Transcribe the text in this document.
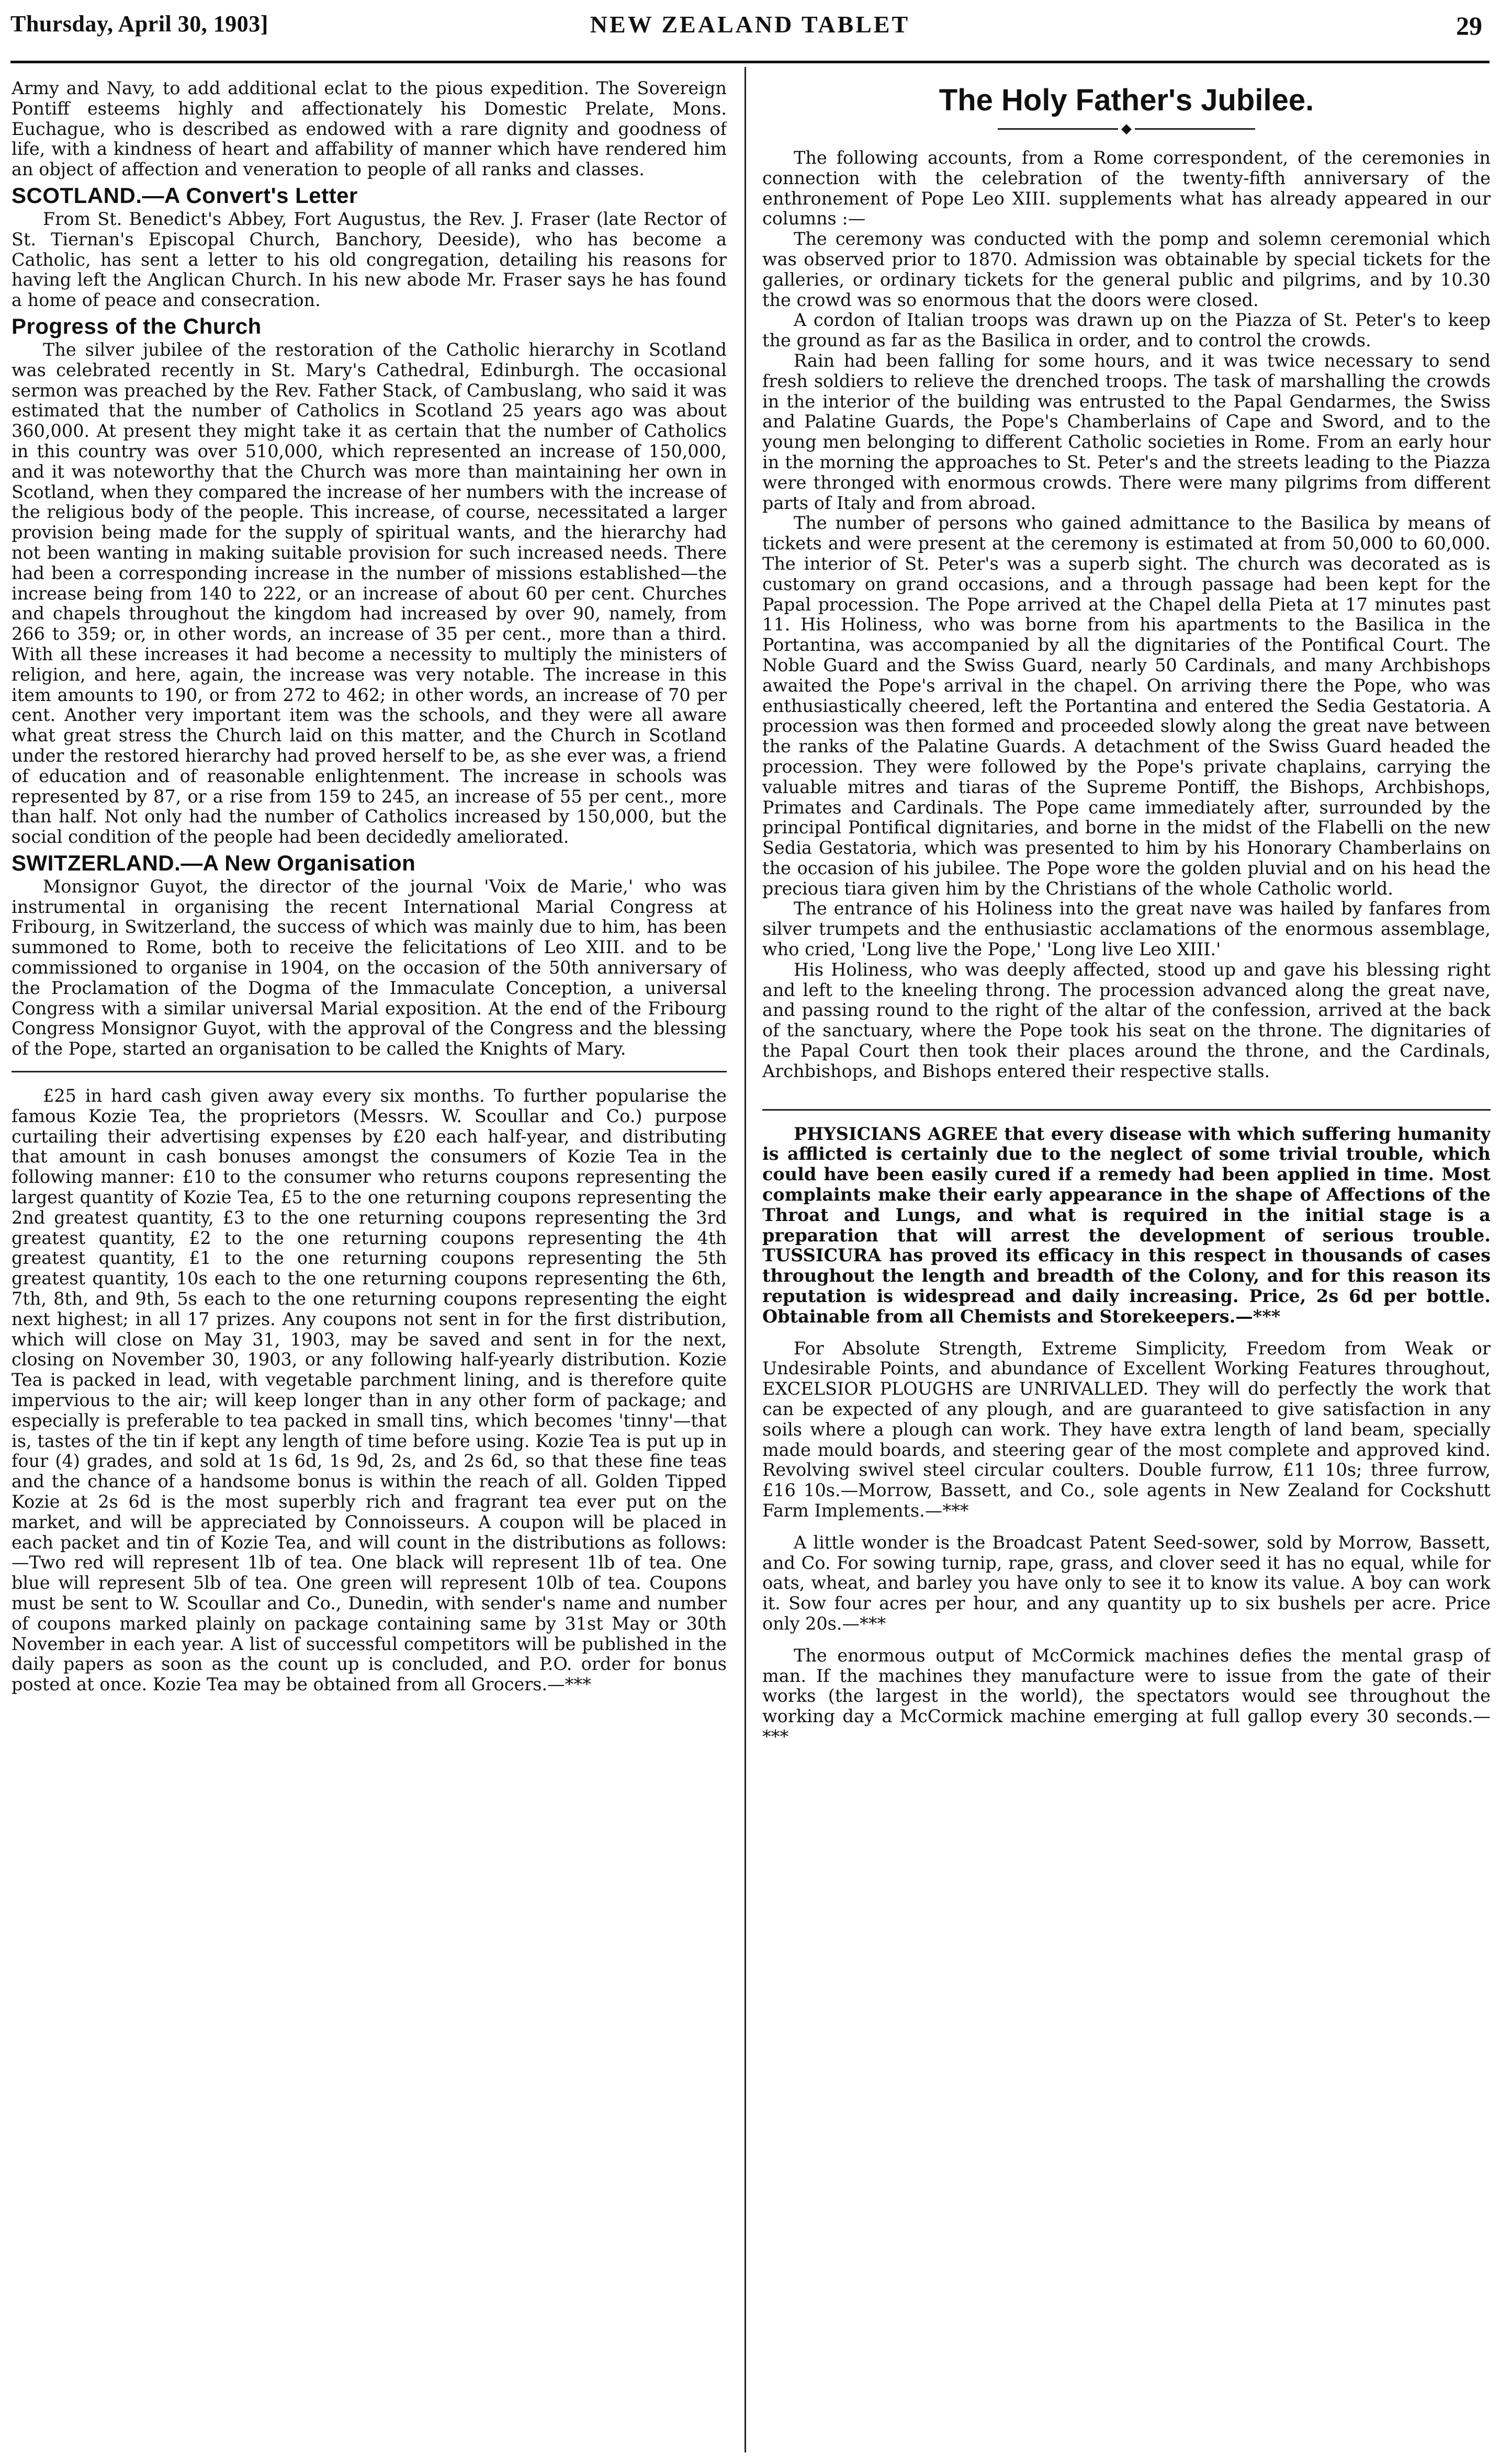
Thursday, April 30, 1903]	NEW ZEALAND TABLET	29

Army and Navy, to add additional eclat to the pious expedition. The Sovereign Pontiff esteems highly and affectionately his Domestic Prelate, Mons. Euchague, who is described as endowed with a rare dignity and goodness of life, with a kindness of heart and affability of manner which have rendered him an object of affection and veneration to people of all ranks and classes.

SCOTLAND.—A Convert's Letter

From St. Benedict's Abbey, Fort Augustus, the Rev. J. Fraser (late Rector of St. Tiernan's Episcopal Church, Banchory, Deeside), who has become a Catholic, has sent a letter to his old congregation, detailing his reasons for having left the Anglican Church. In his new abode Mr. Fraser says he has found a home of peace and consecration.

Progress of the Church

The silver jubilee of the restoration of the Catholic hierarchy in Scotland was celebrated recently in St. Mary's Cathedral, Edinburgh. The occasional sermon was preached by the Rev. Father Stack, of Cambuslang, who said it was estimated that the number of Catholics in Scotland 25 years ago was about 360,000. At present they might take it as certain that the number of Catholics in this country was over 510,000, which represented an increase of 150,000, and it was noteworthy that the Church was more than maintaining her own in Scotland, when they compared the increase of her numbers with the increase of the religious body of the people. This increase, of course, necessitated a larger provision being made for the supply of spiritual wants, and the hierarchy had not been wanting in making suitable provision for such increased needs. There had been a corresponding increase in the number of missions established—the increase being from 140 to 222, or an increase of about 60 per cent. Churches and chapels throughout the kingdom had increased by over 90, namely, from 266 to 359; or, in other words, an increase of 35 per cent., more than a third. With all these increases it had become a necessity to multiply the ministers of religion, and here, again, the increase was very notable. The increase in this item amounts to 190, or from 272 to 462; in other words, an increase of 70 per cent. Another very important item was the schools, and they were all aware what great stress the Church laid on this matter, and the Church in Scotland under the restored hierarchy had proved herself to be, as she ever was, a friend of education and of reasonable enlightenment. The increase in schools was represented by 87, or a rise from 159 to 245, an increase of 55 per cent., more than half. Not only had the number of Catholics increased by 150,000, but the social condition of the people had been decidedly ameliorated.

SWITZERLAND.—A New Organisation

Monsignor Guyot, the director of the journal 'Voix de Marie,' who was instrumental in organising the recent International Marial Congress at Fribourg, in Switzerland, the success of which was mainly due to him, has been summoned to Rome, both to receive the felicitations of Leo XIII. and to be commissioned to organise in 1904, on the occasion of the 50th anniversary of the Proclamation of the Dogma of the Immaculate Conception, a universal Congress with a similar universal Marial exposition. At the end of the Fribourg Congress Monsignor Guyot, with the approval of the Congress and the blessing of the Pope, started an organisation to be called the Knights of Mary.

£25 in hard cash given away every six months. To further popularise the famous Kozie Tea, the proprietors (Messrs. W. Scoullar and Co.) purpose curtailing their advertising expenses by £20 each half-year, and distributing that amount in cash bonuses amongst the consumers of Kozie Tea in the following manner: £10 to the consumer who returns coupons representing the largest quantity of Kozie Tea, £5 to the one returning coupons representing the 2nd greatest quantity, £3 to the one returning coupons representing the 3rd greatest quantity, £2 to the one returning coupons representing the 4th greatest quantity, £1 to the one returning coupons representing the 5th greatest quantity, 10s each to the one returning coupons representing the 6th, 7th, 8th, and 9th, 5s each to the one returning coupons representing the eight next highest; in all 17 prizes. Any coupons not sent in for the first distribution, which will close on May 31, 1903, may be saved and sent in for the next, closing on November 30, 1903, or any following half-yearly distribution. Kozie Tea is packed in lead, with vegetable parchment lining, and is therefore quite impervious to the air; will keep longer than in any other form of package; and especially is preferable to tea packed in small tins, which becomes 'tinny'—that is, tastes of the tin if kept any length of time before using. Kozie Tea is put up in four (4) grades, and sold at 1s 6d, 1s 9d, 2s, and 2s 6d, so that these fine teas and the chance of a handsome bonus is within the reach of all. Golden Tipped Kozie at 2s 6d is the most superbly rich and fragrant tea ever put on the market, and will be appreciated by Connoisseurs. A coupon will be placed in each packet and tin of Kozie Tea, and will count in the distributions as follows:—Two red will represent 1lb of tea. One black will represent 1lb of tea. One blue will represent 5lb of tea. One green will represent 10lb of tea. Coupons must be sent to W. Scoullar and Co., Dunedin, with sender's name and number of coupons marked plainly on package containing same by 31st May or 30th November in each year. A list of successful competitors will be published in the daily papers as soon as the count up is concluded, and P.O. order for bonus posted at once. Kozie Tea may be obtained from all Grocers.—***

The Holy Father's Jubilee.
◆

The following accounts, from a Rome correspondent, of the ceremonies in connection with the celebration of the twenty-fifth anniversary of the enthronement of Pope Leo XIII. supplements what has already appeared in our columns :—

The ceremony was conducted with the pomp and solemn ceremonial which was observed prior to 1870. Admission was obtainable by special tickets for the galleries, or ordinary tickets for the general public and pilgrims, and by 10.30 the crowd was so enormous that the doors were closed.

A cordon of Italian troops was drawn up on the Piazza of St. Peter's to keep the ground as far as the Basilica in order, and to control the crowds.

Rain had been falling for some hours, and it was twice necessary to send fresh soldiers to relieve the drenched troops. The task of marshalling the crowds in the interior of the building was entrusted to the Papal Gendarmes, the Swiss and Palatine Guards, the Pope's Chamberlains of Cape and Sword, and to the young men belonging to different Catholic societies in Rome. From an early hour in the morning the approaches to St. Peter's and the streets leading to the Piazza were thronged with enormous crowds. There were many pilgrims from different parts of Italy and from abroad.

The number of persons who gained admittance to the Basilica by means of tickets and were present at the ceremony is estimated at from 50,000 to 60,000. The interior of St. Peter's was a superb sight. The church was decorated as is customary on grand occasions, and a through passage had been kept for the Papal procession. The Pope arrived at the Chapel della Pieta at 17 minutes past 11. His Holiness, who was borne from his apartments to the Basilica in the Portantina, was accompanied by all the dignitaries of the Pontifical Court. The Noble Guard and the Swiss Guard, nearly 50 Cardinals, and many Archbishops awaited the Pope's arrival in the chapel. On arriving there the Pope, who was enthusiastically cheered, left the Portantina and entered the Sedia Gestatoria. A procession was then formed and proceeded slowly along the great nave between the ranks of the Palatine Guards. A detachment of the Swiss Guard headed the procession. They were followed by the Pope's private chaplains, carrying the valuable mitres and tiaras of the Supreme Pontiff, the Bishops, Archbishops, Primates and Cardinals. The Pope came immediately after, surrounded by the principal Pontifical dignitaries, and borne in the midst of the Flabelli on the new Sedia Gestatoria, which was presented to him by his Honorary Chamberlains on the occasion of his jubilee. The Pope wore the golden pluvial and on his head the precious tiara given him by the Christians of the whole Catholic world.

The entrance of his Holiness into the great nave was hailed by fanfares from silver trumpets and the enthusiastic acclamations of the enormous assemblage, who cried, 'Long live the Pope,' 'Long live Leo XIII.'

His Holiness, who was deeply affected, stood up and gave his blessing right and left to the kneeling throng. The procession advanced along the great nave, and passing round to the right of the altar of the confession, arrived at the back of the sanctuary, where the Pope took his seat on the throne. The dignitaries of the Papal Court then took their places around the throne, and the Cardinals, Archbishops, and Bishops entered their respective stalls.

PHYSICIANS AGREE that every disease with which suffering humanity is afflicted is certainly due to the neglect of some trivial trouble, which could have been easily cured if a remedy had been applied in time. Most complaints make their early appearance in the shape of Affections of the Throat and Lungs, and what is required in the initial stage is a preparation that will arrest the development of serious trouble. TUSSICURA has proved its efficacy in this respect in thousands of cases throughout the length and breadth of the Colony, and for this reason its reputation is widespread and daily increasing. Price, 2s 6d per bottle. Obtainable from all Chemists and Storekeepers.—***

For Absolute Strength, Extreme Simplicity, Freedom from Weak or Undesirable Points, and abundance of Excellent Working Features throughout, EXCELSIOR PLOUGHS are UNRIVALLED. They will do perfectly the work that can be expected of any plough, and are guaranteed to give satisfaction in any soils where a plough can work. They have extra length of land beam, specially made mould boards, and steering gear of the most complete and approved kind. Revolving swivel steel circular coulters. Double furrow, £11 10s; three furrow, £16 10s.—Morrow, Bassett, and Co., sole agents in New Zealand for Cockshutt Farm Implements.—***

A little wonder is the Broadcast Patent Seed-sower, sold by Morrow, Bassett, and Co. For sowing turnip, rape, grass, and clover seed it has no equal, while for oats, wheat, and barley you have only to see it to know its value. A boy can work it. Sow four acres per hour, and any quantity up to six bushels per acre. Price only 20s.—***

The enormous output of McCormick machines defies the mental grasp of man. If the machines they manufacture were to issue from the gate of their works (the largest in the world), the spectators would see throughout the working day a McCormick machine emerging at full gallop every 30 seconds.—***
